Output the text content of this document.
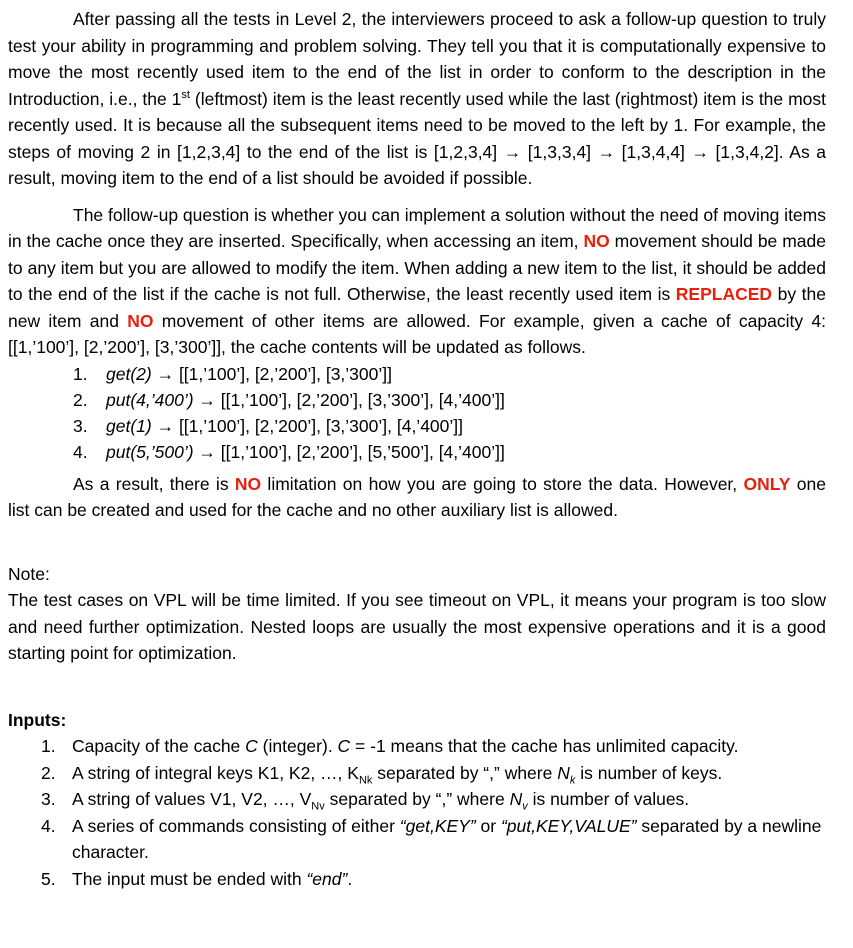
After passing all the tests in Level 2, the interviewers proceed to ask a follow-up question to truly test your ability in programming and problem solving. They tell you that it is computationally expensive to move the most recently used item to the end of the list in order to conform to the description in the Introduction, i.e., the 1st (leftmost) item is the least recently used while the last (rightmost) item is the most recently used. It is because all the subsequent items need to be moved to the left by 1. For example, the steps of moving 2 in [1,2,3,4] to the end of the list is [1,2,3,4] → [1,3,3,4] → [1,3,4,4] → [1,3,4,2]. As a result, moving item to the end of a list should be avoided if possible.

The follow-up question is whether you can implement a solution without the need of moving items in the cache once they are inserted. Specifically, when accessing an item, NO movement should be made to any item but you are allowed to modify the item. When adding a new item to the list, it should be added to the end of the list if the cache is not full. Otherwise, the least recently used item is REPLACED by the new item and NO movement of other items are allowed. For example, given a cache of capacity 4: [[1,’100’], [2,’200’], [3,’300’]], the cache contents will be updated as follows.

1. get(2) → [[1,’100’], [2,’200’], [3,’300’]]
2. put(4,’400’) → [[1,’100’], [2,’200’], [3,’300’], [4,’400’]]
3. get(1) → [[1,’100’], [2,’200’], [3,’300’], [4,’400’]]
4. put(5,’500’) → [[1,’100’], [2,’200’], [5,’500’], [4,’400’]]

As a result, there is NO limitation on how you are going to store the data. However, ONLY one list can be created and used for the cache and no other auxiliary list is allowed.

Note:

The test cases on VPL will be time limited. If you see timeout on VPL, it means your program is too slow and need further optimization. Nested loops are usually the most expensive operations and it is a good starting point for optimization.

Inputs:

1. Capacity of the cache C (integer). C = -1 means that the cache has unlimited capacity.
2. A string of integral keys K1, K2, …, $K_{Nk}$ separated by “,” where $N_k$ is number of keys.
3. A string of values V1, V2, …, $V_{Nv}$ separated by “,” where $N_v$ is number of values.
4. A series of commands consisting of either “get,KEY” or “put,KEY,VALUE” separated by a newline character.
5. The input must be ended with “end”.
